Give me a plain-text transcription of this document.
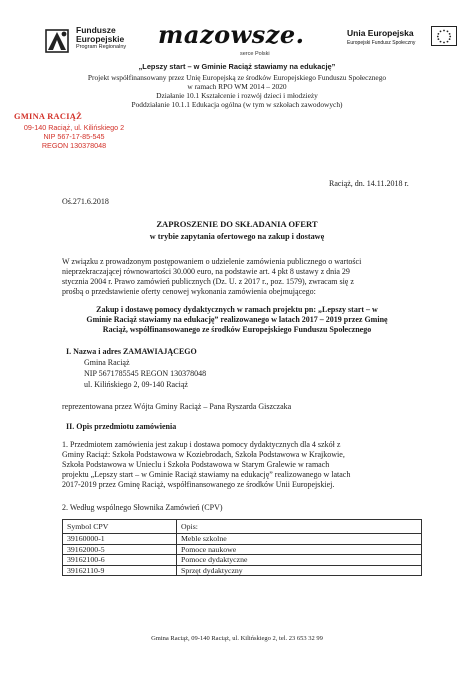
Fundusze
Europejskie
Program Regionalny mazowsze.
serce Polski
Unia Europejska
Europejski Fundusz Społeczny
„Lepszy start – w Gminie Raciąż stawiamy na edukację”
Projekt współfinansowany przez Unię Europejską ze środków Europejskiego Funduszu Społecznego
w ramach RPO WM 2014 – 2020
Działanie 10.1 Kształcenie i rozwój dzieci i młodzieży
Poddziałanie 10.1.1 Edukacja ogólna (w tym w szkołach zawodowych)
GMINA RACIĄŻ
09-140 Raciąż, ul. Kilińskiego 2
NIP 567-17-85-545
REGON 130378048
Raciąż, dn. 14.11.2018 r.
Oś.271.6.2018
ZAPROSZENIE DO SKŁADANIA OFERT
w trybie zapytania ofertowego na zakup i dostawę
W związku z prowadzonym postępowaniem o udzielenie zamówienia publicznego o wartości
nieprzekraczającej równowartości 30.000 euro, na podstawie art. 4 pkt 8 ustawy z dnia 29
stycznia 2004 r. Prawo zamówień publicznych (Dz. U. z 2017 r., poz. 1579), zwracam się z
prośbą o przedstawienie oferty cenowej wykonania zamówienia obejmującego:
Zakup i dostawę pomocy dydaktycznych w ramach projektu pn: „Lepszy start – w
Gminie Raciąż stawiamy na edukację” realizowanego w latach 2017 – 2019 przez Gminę
Raciąż, współfinansowanego ze środków Europejskiego Funduszu Społecznego
I. Nazwa i adres ZAMAWIAJĄCEGO
Gmina Raciąż
NIP 5671785545 REGON 130378048
ul. Kilińskiego 2, 09-140 Raciąż
reprezentowana przez Wójta Gminy Raciąż – Pana Ryszarda Giszczaka
II. Opis przedmiotu zamówienia
1. Przedmiotem zamówienia jest zakup i dostawa pomocy dydaktycznych dla 4 szkół z
Gminy Raciąż: Szkoła Podstawowa w Koziebrodach, Szkoła Podstawowa w Krajkowie,
Szkoła Podstawowa w Unieclu i Szkoła Podstawowa w Starym Gralewie w ramach
projektu „Lepszy start – w Gminie Raciąż stawiamy na edukację” realizowanego w latach
2017-2019 przez Gminę Raciąż, współfinansowanego ze środków Unii Europejskiej.
2. Według wspólnego Słownika Zamówień (CPV)
Symbol CPV	Opis:
39160000-1	Meble szkolne
39162000-5	Pomoce naukowe
39162100-6	Pomoce dydaktyczne
39162110-9	Sprzęt dydaktyczny
Gmina Raciąż, 09-140 Raciąż, ul. Kilińskiego 2, tel. 23 653 32 99
